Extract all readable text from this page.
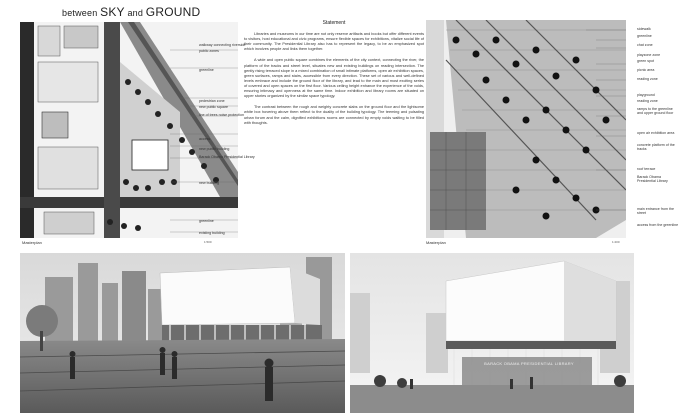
between SKY and GROUND
walkway connecting riverside
public zones
greenline
pedestrian zone
new public square
line of trees noise protection
access
new public building
Barack Obama Presidential Library
new building
greenline
existing building
Masterplan	1:500
Statement

Libraries and museums in our time are not only reserve artifacts and books but offer different events to visitors, host educational and civic programs, ensure flexible spaces for exhibitions, vitalize social life of their community. The Presidential Library also has to represent the legacy, to be an emphasized spot which involves people and links them together.

A wide and open public square combines the elements of the city context, connecting the river, the platform of the tracks and street level, situates new and existing buildings on reading intersection. The gently rising terraced slope in a mixed combination of small intimate platforms, open air exhibition spaces, green surfaces, ramps and stairs, accessible from every direction. These set of various and well-defined levels embrace and include the ground floor of the library, and lead to the main and most exciting series of covered and open spaces on the first floor. Various ceiling height enhance the experience of the voids, ensuring intimacy and openness at the same time. Indoor exhibition and library rooms are situated on upper stories organized by the similar space typology.

The contrast between the rough and weighty concrete slabs on the ground floor and the lightsome white box hovering above them reflect to the duality of the building typology. The teeming and pulsating urban forum and the calm, dignified exhibitions rooms are connected by empty voids waiting to be filled with thoughts.

sidewalk
greenline
chat zone
playzone zone
green spot
picnic area
reading zone
playground
reading zone
ramps to the greenline and upper ground floor
open air exhibition area
concrete platform of the tracks
roof terrace
Barack Obama Presidential Library
main entrance from the street
access from the greenline
Masterplan	1:200
BARACK OBAMA PRESIDENTIAL LIBRARY
